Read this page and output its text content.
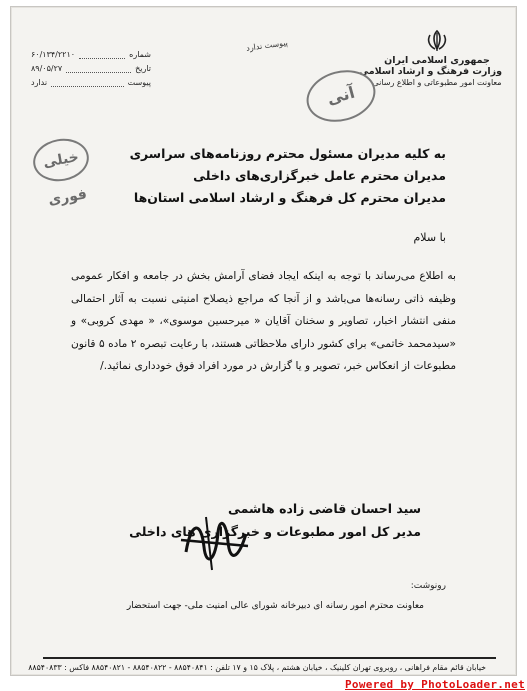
جمهوری اسلامی ایران
وزارت فرهنگ و ارشاد اسلامی
معاونت امور مطبوعاتی و اطلاع رسانی
۶۰/۱۳۴/۲۲۱۰	شماره
۸۹/۰۵/۲۷	تاریخ
ندارد	پیوست
پیوست ندارد
آنی
خیلی فوری
به کلیه مدیران مسئول محترم روزنامه‌های سراسری
مدیران محترم عامل خبرگزاری‌های داخلی
مدیران محترم کل فرهنگ و ارشاد اسلامی استان‌ها
با سلام

به اطلاع می‌رساند با توجه به اینکه ایجاد فضای آرامش بخش در جامعه و افکار عمومی وظیفه ذاتی رسانه‌ها می‌باشد و از آنجا که مراجع ذیصلاح امنیتی نسبت به آثار احتمالی منفی انتشار اخبار، تصاویر و سخنان آقایان « میرحسین موسوی»، « مهدی کروبی» و «سیدمحمد خاتمی» برای کشور دارای ملاحظاتی هستند، با رعایت تبصره ۲ ماده ۵ قانون مطبوعات از انعکاس خبر، تصویر و یا گزارش در مورد افراد فوق خودداری نمائید./

سید احسان قاضی زاده هاشمی
مدیر کل امور مطبوعات و خبرگزاری های داخلی
رونوشت:
معاونت محترم امور رسانه ای دبیرخانه شورای عالی امنیت ملی- جهت استحضار
خیابان قائم مقام فراهانی ، روبروی تهران کلینیک ، خیابان هشتم ، پلاک ۱۵ و ۱۷ تلفن : ۸۸۵۴۰۸۴۱ - ۸۸۵۴۰۸۲۲ - ۸۸۵۴۰۸۲۱ فاکس : ۸۸۵۴۰۸۳۳
Powered by PhotoLoader.net
